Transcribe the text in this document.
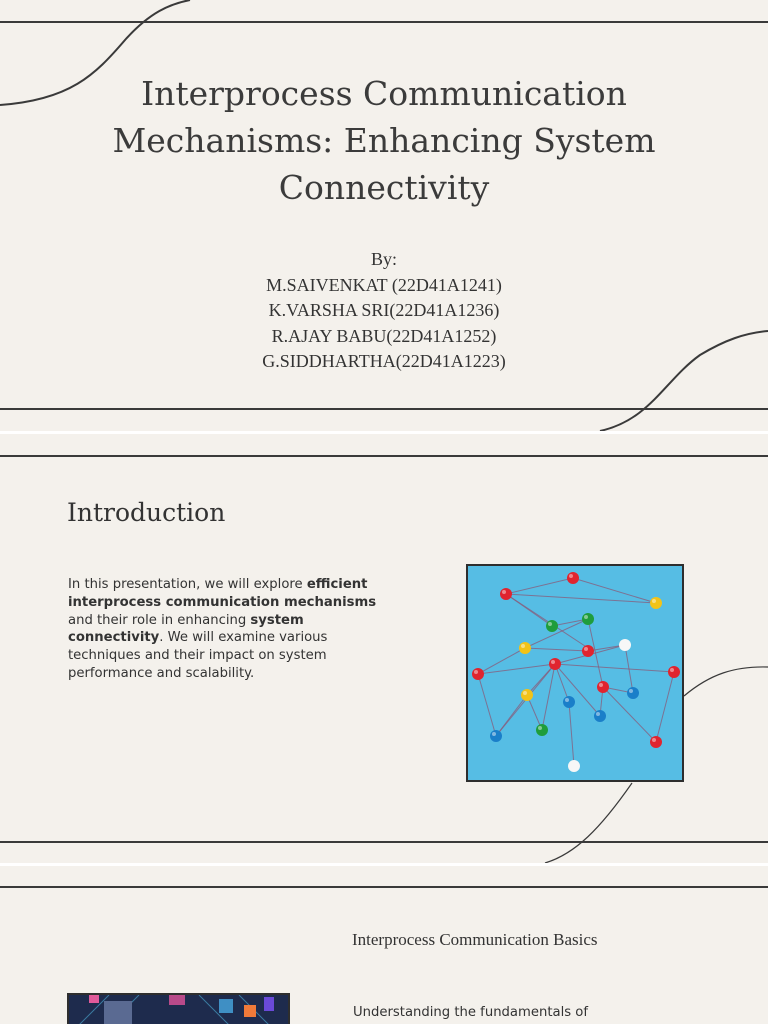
Interprocess Communication
Mechanisms: Enhancing System
Connectivity
By:
M.SAIVENKAT (22D41A1241)
K.VARSHA SRI(22D41A1236)
R.AJAY BABU(22D41A1252)
G.SIDDHARTHA(22D41A1223)
Introduction

In this presentation, we will explore efficient interprocess communication mechanisms and their role in enhancing system connectivity. We will examine various techniques and their impact on system performance and scalability.

Interprocess Communication Basics

Understanding the fundamentals of
